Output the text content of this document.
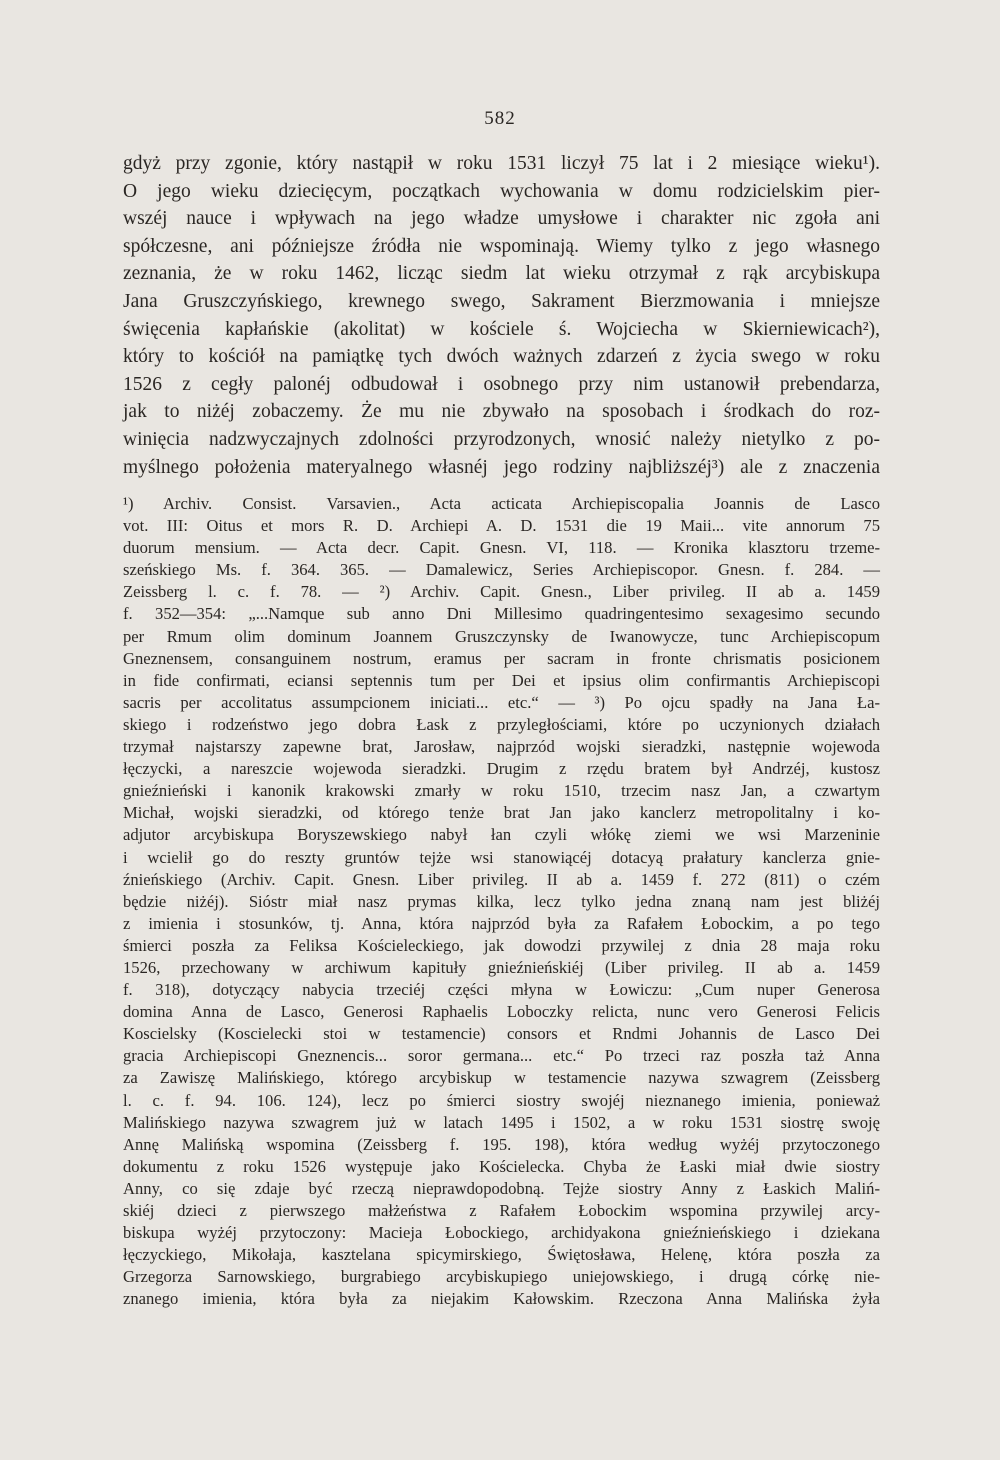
582
gdyż przy zgonie, który nastąpił w roku 1531 liczył 75 lat i 2 miesiące wieku¹).
O jego wieku dziecięcym, początkach wychowania w domu rodzicielskim pier-
wszéj nauce i wpływach na jego władze umysłowe i charakter nic zgoła ani
spółczesne, ani późniejsze źródła nie wspominają. Wiemy tylko z jego własnego
zeznania, że w roku 1462, licząc siedm lat wieku otrzymał z rąk arcybiskupa
Jana Gruszczyńskiego, krewnego swego, Sakrament Bierzmowania i mniejsze
święcenia kapłańskie (akolitat) w kościele ś. Wojciecha w Skierniewicach²),
który to kościół na pamiątkę tych dwóch ważnych zdarzeń z życia swego w roku
1526 z cegły palonéj odbudował i osobnego przy nim ustanowił prebendarza,
jak to niżéj zobaczemy. Że mu nie zbywało na sposobach i środkach do roz-
winięcia nadzwyczajnych zdolności przyrodzonych, wnosić należy nietylko z po-
myślnego położenia materyalnego własnéj jego rodziny najbliższéj³) ale z znaczenia
¹) Archiv. Consist. Varsavien., Acta acticata Archiepiscopalia Joannis de Lasco
vot. III: Oitus et mors R. D. Archiepi A. D. 1531 die 19 Maii... vite annorum 75
duorum mensium. — Acta decr. Capit. Gnesn. VI, 118. — Kronika klasztoru trzeme-
szeńskiego Ms. f. 364. 365. — Damalewicz, Series Archiepiscopor. Gnesn. f. 284. —
Zeissberg l. c. f. 78. — ²) Archiv. Capit. Gnesn., Liber privileg. II ab a. 1459
f. 352—354: „...Namque sub anno Dni Millesimo quadringentesimo sexagesimo secundo
per Rmum olim dominum Joannem Gruszczynsky de Iwanowycze, tunc Archiepiscopum
Gneznensem, consanguinem nostrum, eramus per sacram in fronte chrismatis posicionem
in fide confirmati, eciansi septennis tum per Dei et ipsius olim confirmantis Archiepiscopi
sacris per accolitatus assumpcionem iniciati... etc.“ — ³) Po ojcu spadły na Jana Ła-
skiego i rodzeństwo jego dobra Łask z przyległościami, które po uczynionych działach
trzymał najstarszy zapewne brat, Jarosław, najprzód wojski sieradzki, następnie wojewoda
łęczycki, a nareszcie wojewoda sieradzki. Drugim z rzędu bratem był Andrzéj, kustosz
gnieźnieński i kanonik krakowski zmarły w roku 1510, trzecim nasz Jan, a czwartym
Michał, wojski sieradzki, od którego tenże brat Jan jako kanclerz metropolitalny i ko-
adjutor arcybiskupa Boryszewskiego nabył łan czyli włókę ziemi we wsi Marzeninie
i wcielił go do reszty gruntów tejże wsi stanowiącéj dotacyą prałatury kanclerza gnie-
źnieńskiego (Archiv. Capit. Gnesn. Liber privileg. II ab a. 1459 f. 272 (811) o czém
będzie niżéj). Sióstr miał nasz prymas kilka, lecz tylko jedna znaną nam jest bliżéj
z imienia i stosunków, tj. Anna, która najprzód była za Rafałem Łobockim, a po tego
śmierci poszła za Feliksa Kościeleckiego, jak dowodzi przywilej z dnia 28 maja roku
1526, przechowany w archiwum kapituły gnieźnieńskiéj (Liber privileg. II ab a. 1459
f. 318), dotyczący nabycia trzeciéj części młyna w Łowiczu: „Cum nuper Generosa
domina Anna de Lasco, Generosi Raphaelis Loboczky relicta, nunc vero Generosi Felicis
Koscielsky (Koscielecki stoi w testamencie) consors et Rndmi Johannis de Lasco Dei
gracia Archiepiscopi Gneznencis... soror germana... etc.“ Po trzeci raz poszła taż Anna
za Zawiszę Malińskiego, którego arcybiskup w testamencie nazywa szwagrem (Zeissberg
l. c. f. 94. 106. 124), lecz po śmierci siostry swojéj nieznanego imienia, ponieważ
Malińskiego nazywa szwagrem już w latach 1495 i 1502, a w roku 1531 siostrę swoję
Annę Malińską wspomina (Zeissberg f. 195. 198), która według wyżéj przytoczonego
dokumentu z roku 1526 występuje jako Kościelecka. Chyba że Łaski miał dwie siostry
Anny, co się zdaje być rzeczą nieprawdopodobną. Tejże siostry Anny z Łaskich Maliń-
skiéj dzieci z pierwszego małżeństwa z Rafałem Łobockim wspomina przywilej arcy-
biskupa wyżéj przytoczony: Macieja Łobockiego, archidyakona gnieźnieńskiego i dziekana
łęczyckiego, Mikołaja, kasztelana spicymirskiego, Świętosława, Helenę, która poszła za
Grzegorza Sarnowskiego, burgrabiego arcybiskupiego uniejowskiego, i drugą córkę nie-
znanego imienia, która była za niejakim Kałowskim. Rzeczona Anna Malińska żyła
